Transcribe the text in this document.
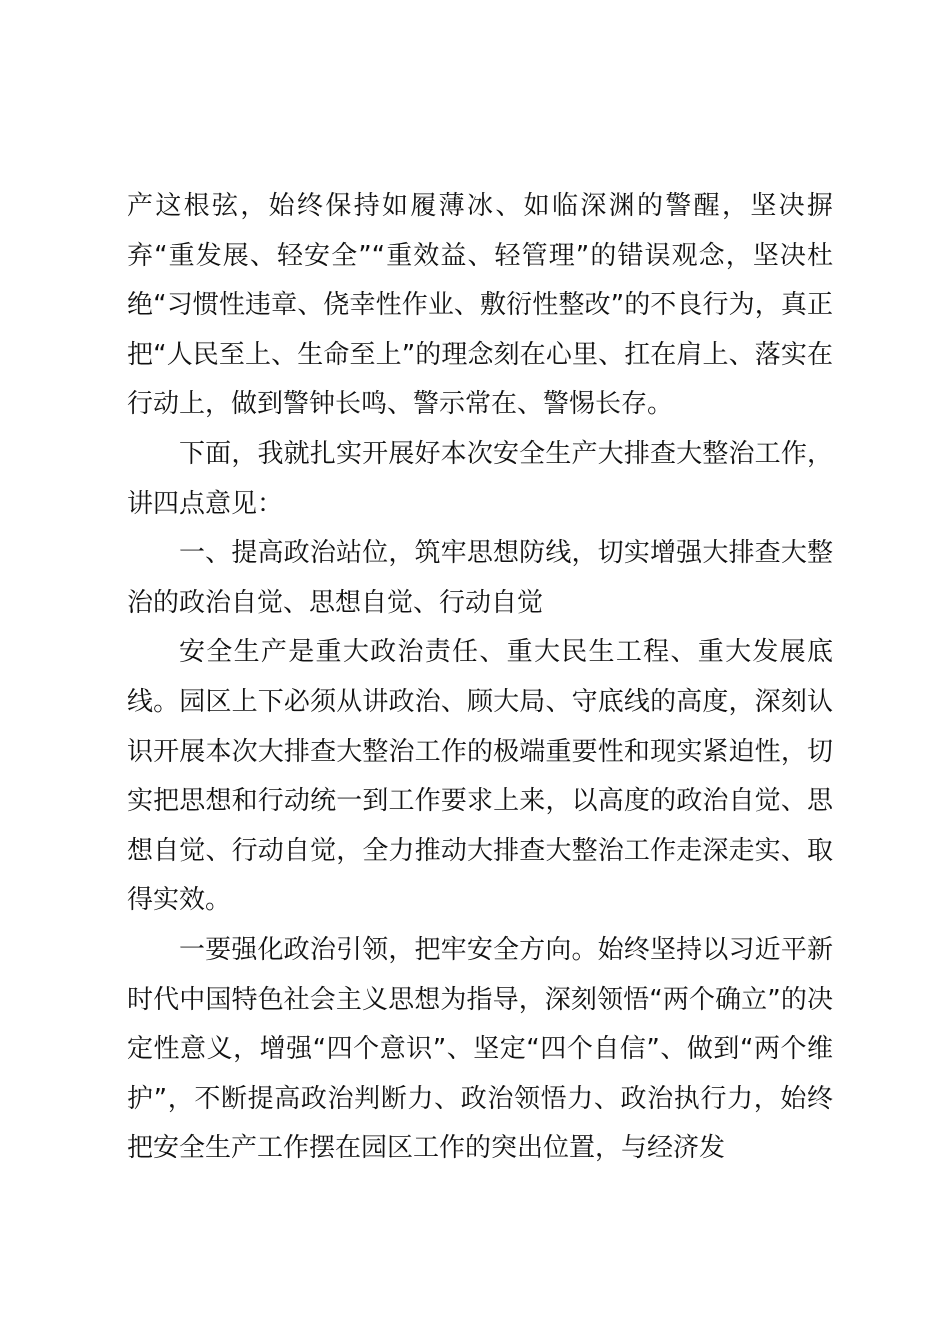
产这根弦，始终保持如履薄冰、如临深渊的警醒，坚决摒弃“重发展、轻安全”“重效益、轻管理”的错误观念，坚决杜绝“习惯性违章、侥幸性作业、敷衍性整改”的不良行为，真正把“人民至上、生命至上”的理念刻在心里、扛在肩上、落实在行动上，做到警钟长鸣、警示常在、警惕长存。

下面，我就扎实开展好本次安全生产大排查大整治工作，讲四点意见：

一、提高政治站位，筑牢思想防线，切实增强大排查大整治的政治自觉、思想自觉、行动自觉

安全生产是重大政治责任、重大民生工程、重大发展底线。园区上下必须从讲政治、顾大局、守底线的高度，深刻认识开展本次大排查大整治工作的极端重要性和现实紧迫性，切实把思想和行动统一到工作要求上来，以高度的政治自觉、思想自觉、行动自觉，全力推动大排查大整治工作走深走实、取得实效。

一要强化政治引领，把牢安全方向。始终坚持以习近平新时代中国特色社会主义思想为指导，深刻领悟“两个确立”的决定性意义，增强“四个意识”、坚定“四个自信”、做到“两个维护”，不断提高政治判断力、政治领悟力、政治执行力，始终把安全生产工作摆在园区工作的突出位置，与经济发
